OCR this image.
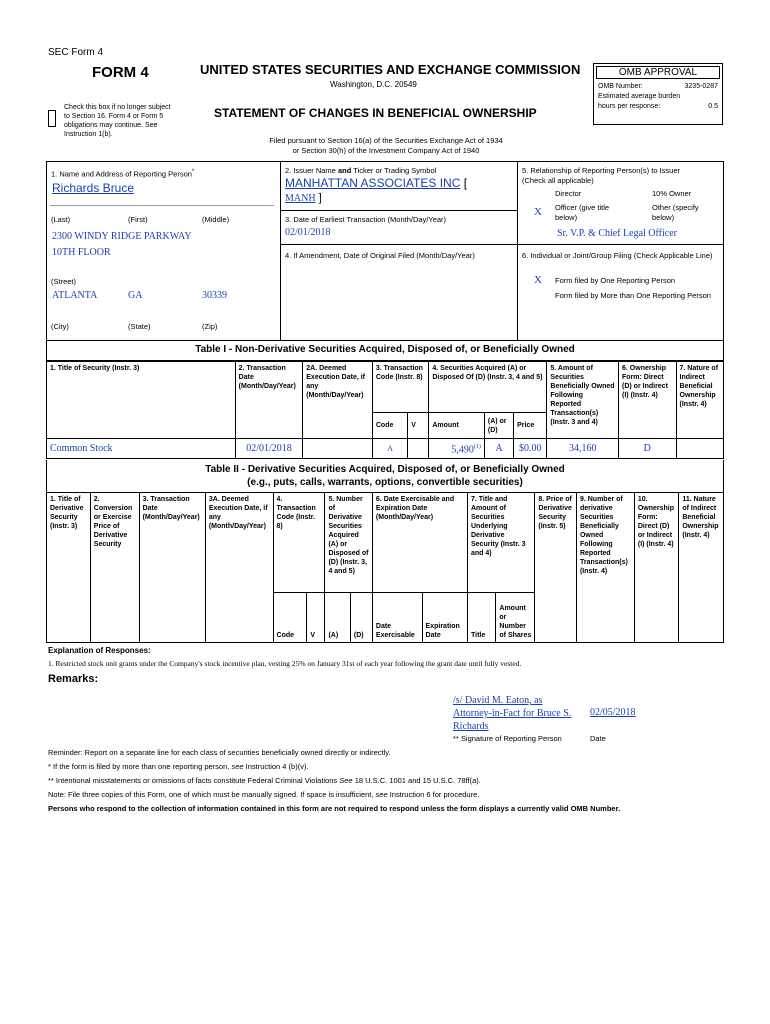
SEC Form 4
FORM 4	UNITED STATES SECURITIES AND EXCHANGE COMMISSION
Washington, D.C. 20549
Check this box if no longer subject
to Section 16. Form 4 or Form 5
obligations may continue. See
Instruction 1(b).
STATEMENT OF CHANGES IN BENEFICIAL OWNERSHIP
Filed pursuant to Section 16(a) of the Securities Exchange Act of 1934
or Section 30(h) of the Investment Company Act of 1940
OMB APPROVAL
OMB Number:	3235-0287
Estimated average burden
hours per response:	0.5
1. Name and Address of Reporting Person*
Richards Bruce
(Last)	(First)	(Middle)
2300 WINDY RIDGE PARKWAY
10TH FLOOR
(Street)
ATLANTA	GA	30339
(City)	(State)	(Zip)
2. Issuer Name and Ticker or Trading Symbol
MANHATTAN ASSOCIATES INC [
MANH ]
3. Date of Earliest Transaction (Month/Day/Year)
02/01/2018
4. If Amendment, Date of Original Filed (Month/Day/Year)
5. Relationship of Reporting Person(s) to Issuer
(Check all applicable)
Director	10% Owner
X Officer (give title below)
Other (specify below)
Sr. V.P. & Chief Legal Officer
6. Individual or Joint/Group Filing (Check Applicable Line)
X Form filed by One Reporting Person
Form filed by More than One Reporting Person
Table I - Non-Derivative Securities Acquired, Disposed of, or Beneficially Owned
1. Title of Security (Instr. 3)	2. Transaction Date (Month/Day/Year)	2A. Deemed Execution Date, if any (Month/Day/Year)	3. Transaction Code (Instr. 8)		4. Securities Acquired (A) or Disposed Of (D) (Instr. 3, 4 and 5)			5. Amount of Securities Beneficially Owned Following Reported Transaction(s) (Instr. 3 and 4)	6. Ownership Form: Direct (D) or Indirect (I) (Instr. 4)	7. Nature of Indirect Beneficial Ownership (Instr. 4)
			Code	V	Amount	(A) or (D)	Price			
Common Stock	02/01/2018		A		5,490$^{(1)}$	A	$0.00	34,160	D	
Table II - Derivative Securities Acquired, Disposed of, or Beneficially Owned
(e.g., puts, calls, warrants, options, convertible securities)
1. Title of Derivative Security (Instr. 3)	2. Conversion or Exercise Price of Derivative Security	3. Transaction Date (Month/Day/Year)	3A. Deemed Execution Date, if any (Month/Day/Year)	4. Transaction Code (Instr. 8)		5. Number of Derivative Securities Acquired (A) or Disposed of (D) (Instr. 3, 4 and 5)		6. Date Exercisable and Expiration Date (Month/Day/Year)		7. Title and Amount of Securities Underlying Derivative Security (Instr. 3 and 4)		8. Price of Derivative Security (Instr. 5)	9. Number of derivative Securities Beneficially Owned Following Reported Transaction(s) (Instr. 4)	10. Ownership Form: Direct (D) or Indirect (I) (Instr. 4)	11. Nature of Indirect Beneficial Ownership (Instr. 4)
				Code	V	(A)	(D)	Date Exercisable	Expiration Date	Title	Amount or Number of Shares				
Explanation of Responses:
1. Restricted stock unit grants under the Company's stock incentive plan, vesting 25% on January 31st of each year following the grant date until fully vested.
Remarks:
/s/ David M. Eaton, as
Attorney-in-Fact for Bruce S.
Richards
02/05/2018
** Signature of Reporting Person	Date
Reminder: Report on a separate line for each class of securities beneficially owned directly or indirectly.
* If the form is filed by more than one reporting person, see Instruction 4 (b)(v).
** Intentional misstatements or omissions of facts constitute Federal Criminal Violations See 18 U.S.C. 1001 and 15 U.S.C. 78ff(a).
Note: File three copies of this Form, one of which must be manually signed. If space is insufficient, see Instruction 6 for procedure.
Persons who respond to the collection of information contained in this form are not required to respond unless the form displays a currently valid OMB Number.
